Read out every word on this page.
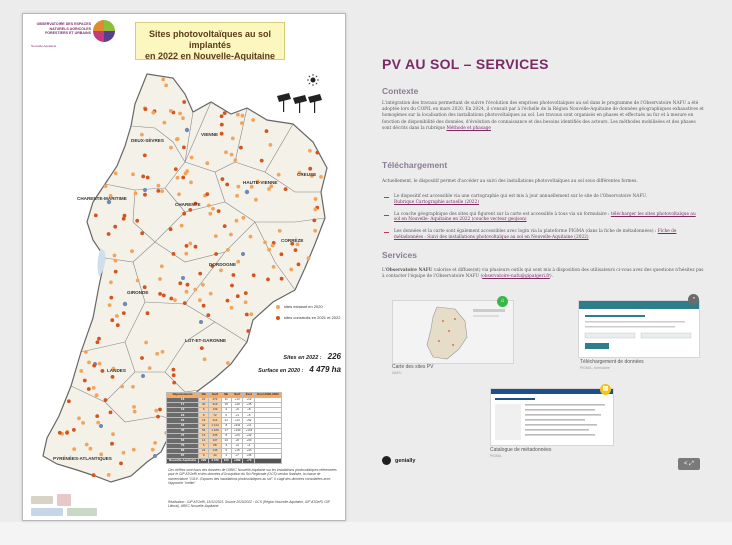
OBSERVATOIRE DES ESPACES NATURELS AGRICOLES FORESTIERS ET URBAINS
Nouvelle-Aquitaine
Sites photovoltaïques au sol implantés
en 2022 en Nouvelle-Aquitaine
DEUX-SÈVRES
VIENNE
CHARENTE-MARITIME
CHARENTE
HAUTE-VIENNE
CREUSE
CORRÈZE
DORDOGNE
GIRONDE
LOT-ET-GARONNE
LANDES
PYRÉNÉES-ATLANTIQUES
sites existant en 2020
sites construits en 2021 et 2022
Sites en 2022 : 226
Surface en 2020 : 4 479 ha
Départements	Nb	Surf	Nb	Surf	Évol	Evol 2020-2022
16	21	274	11	+13	+12	
17	30	319	15	+40	+45	
19	5	139	3	+9	+8	
23	8	72	6	+4	+5	
24	18	214	12	+44	+52	
33	42	1 414	8	+341	+11	
40	54	1 429	17	+140	+134	
47	13	236	8	+23	+42	
64	14	137	10	+8	+30	
79	6	68	3	+4	+1	
86	22	146	6	+16	+30	
87	9	44	4	+7	+36	
Nouvelle-Aquitaine	226	4 479	103	+589	+73	
Ces chiffres sont issus des données de l'AREC Nouvelle-Aquitaine sur les installations photovoltaïques référencées pour le GIP ATGeRi et des données d'Occupation du Sol Régionale (OCS) version finalisée, la classe de nomenclature "1319 - Espaces des installations photovoltaïques au sol". Il s'agit des données consolidées avec l'approche "métier".
Réalisation : GIP ATGeRi, 15/12/2023. Source 2020/2022 : OCS (Région Nouvelle-Aquitaine, GIP ATGeRi, GIP Littoral), AREC Nouvelle-Aquitaine
PV AU SOL – SERVICES
Contexte
L'intégration des travaux permettant de suivre l'évolution des emprises photovoltaïques au sol dans le programme de l'Observatoire NAFU a été adoptée lors du COPIL en mars 2020. En 2024, il s'ensuit par à l'échelle de la Région Nouvelle-Aquitaine de données géographiques exhaustives et homogènes sur la localisation des installations photovoltaïques au sol. Les travaux sont organisés en phases et effectués au fur et à mesure en fonction de disponibilité des données, d'évolution de connaissance et des besoins identifiés des acteurs. Les méthodes mobilisées et des phases sont décrits dans la rubrique Méthode et phasage
Téléchargement
Actuellement, le dispositif permet d'accéder au suivi des installations photovoltaïques au sol sous différentes formes.
Le dispositif est accessible via une cartographie qui est mis à jour annuellement sur le site de l'Observatoire NAFU.
Rubrique Cartographie actuelle (2022)
La couche géographique des sites qui figurent sur la carte est accessible à tous via un formulaire : télécharger les sites photovoltaïque au sol en Nouvelle- Aquitaine en 2022 (couche vecteur geojson)
Les données et la carte sont également accessibles avec login via la plateforme PIGMA (dans la fiche de métadonnées) : Fiche de métadonnées : Suivi des installations photovoltaïque au sol en Nouvelle-Aquitaine (2022)
Services
L'Observatoire NAFU valorise et diffuse(nt) via plusieurs outils qui sont mis à disposition des utilisateurs ci-vous avez des questions n'hésitez pas à contacter l'équipe de l'Observatoire NAFU (observatoire-nafu@gipatgeri.fr).
⌂
Carte des sites PV
NAFU
◔
Téléchargement de données
PIGMA - formulaire
▤
Catalogue de métadonnées
PIGMA
genially
< ⤢
